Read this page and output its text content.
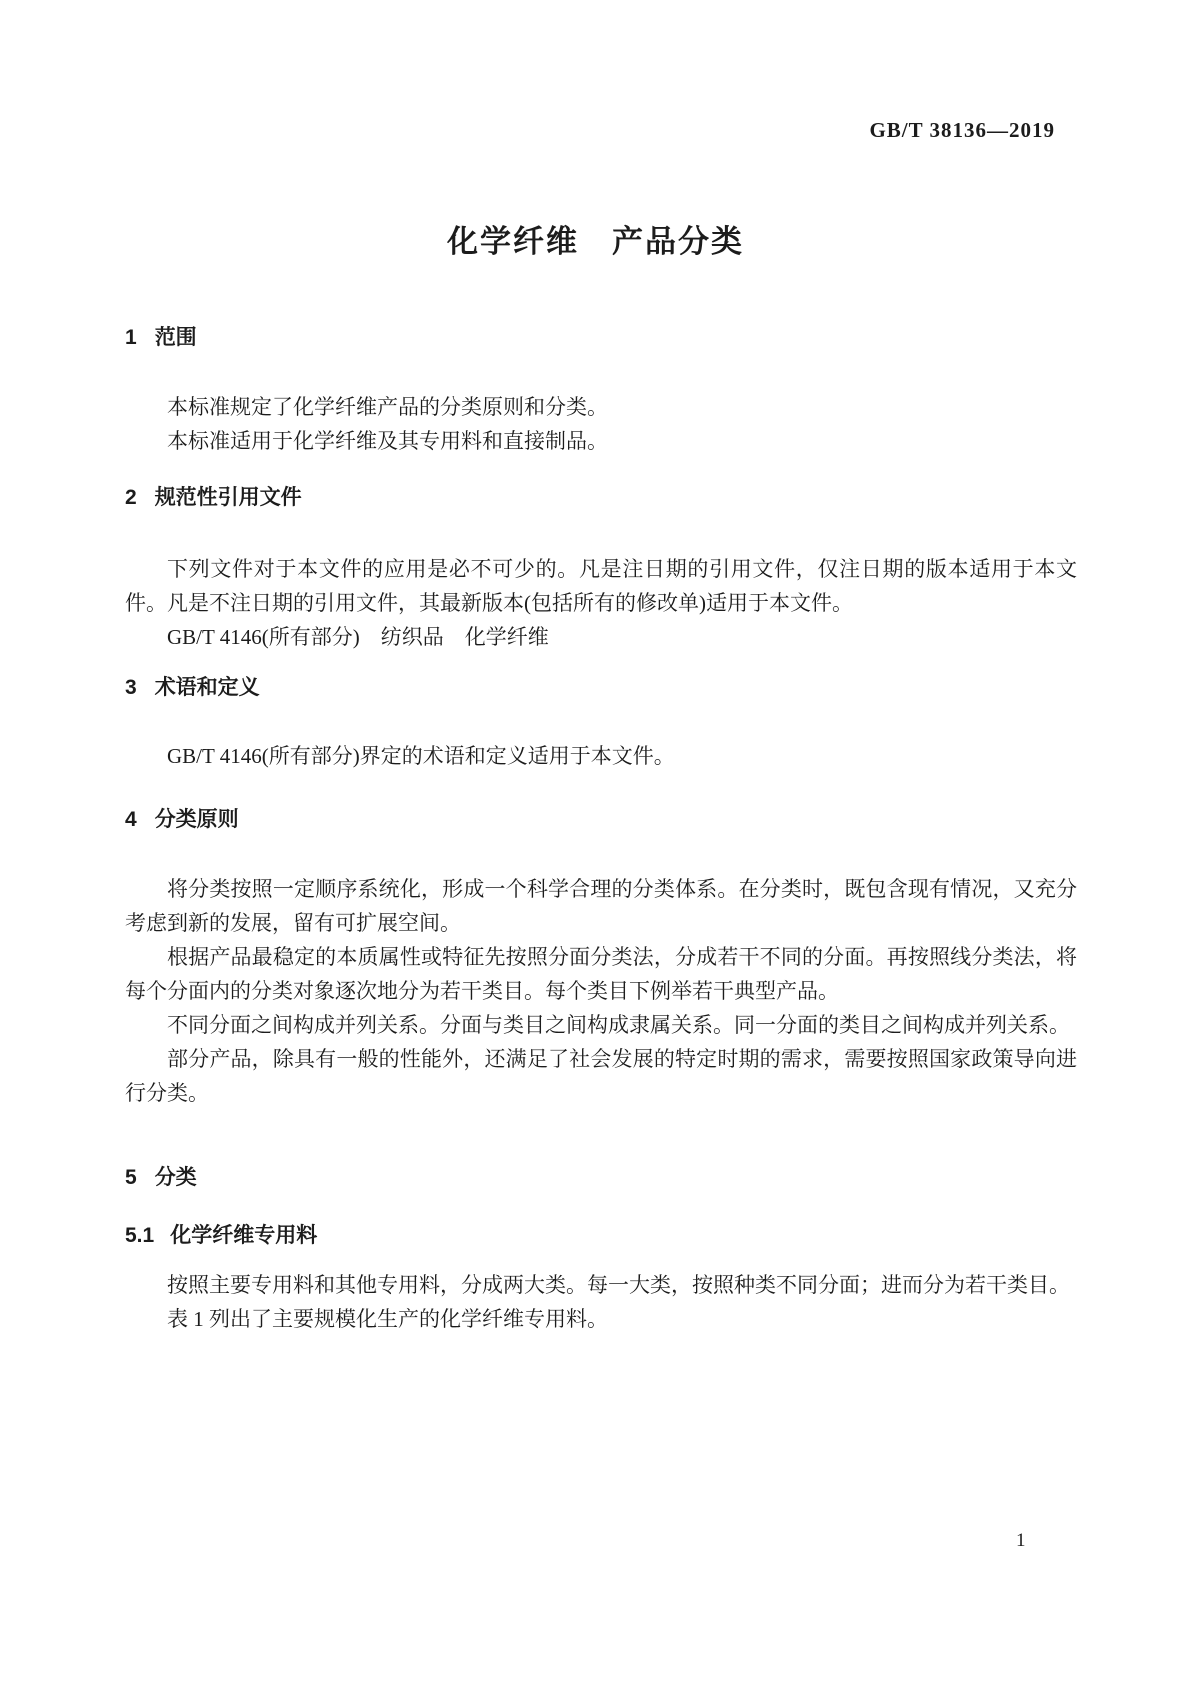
GB/T 38136—2019
化学纤维　产品分类
1 范围

本标准规定了化学纤维产品的分类原则和分类。

本标准适用于化学纤维及其专用料和直接制品。

2 规范性引用文件

下列文件对于本文件的应用是必不可少的。凡是注日期的引用文件，仅注日期的版本适用于本文件。凡是不注日期的引用文件，其最新版本(包括所有的修改单)适用于本文件。

GB/T 4146(所有部分)　纺织品　化学纤维

3 术语和定义

GB/T 4146(所有部分)界定的术语和定义适用于本文件。

4 分类原则

将分类按照一定顺序系统化，形成一个科学合理的分类体系。在分类时，既包含现有情况，又充分考虑到新的发展，留有可扩展空间。

根据产品最稳定的本质属性或特征先按照分面分类法，分成若干不同的分面。再按照线分类法，将每个分面内的分类对象逐次地分为若干类目。每个类目下例举若干典型产品。

不同分面之间构成并列关系。分面与类目之间构成隶属关系。同一分面的类目之间构成并列关系。

部分产品，除具有一般的性能外，还满足了社会发展的特定时期的需求，需要按照国家政策导向进行分类。

5 分类
5.1 化学纤维专用料

按照主要专用料和其他专用料，分成两大类。每一大类，按照种类不同分面；进而分为若干类目。

表 1 列出了主要规模化生产的化学纤维专用料。

1
